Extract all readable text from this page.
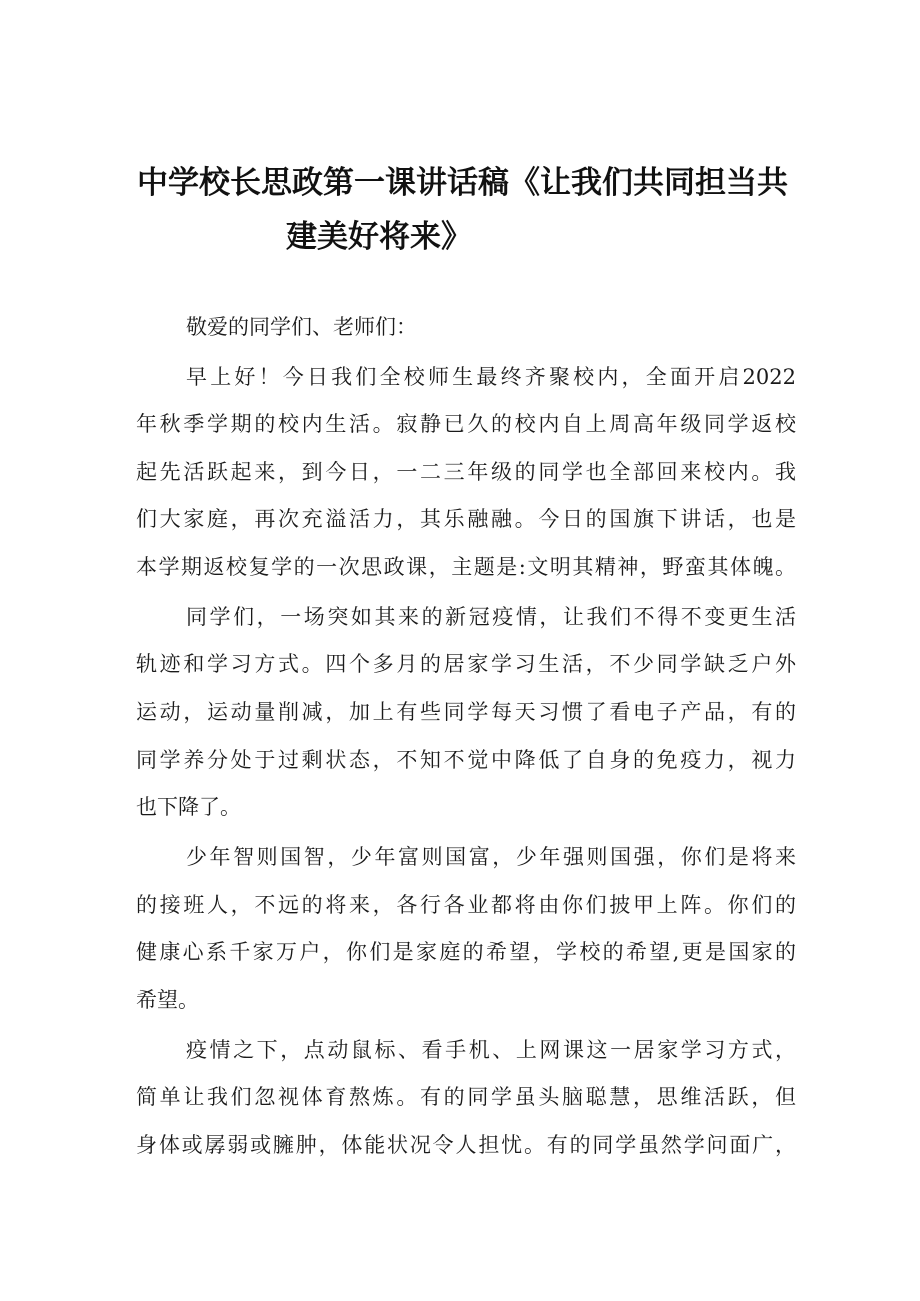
中学校长思政第一课讲话稿《让我们共同担当共
建美好将来》
敬爱的同学们、老师们：
早上好！今日我们全校师生最终齐聚校内，全面开启2022
年秋季学期的校内生活。寂静已久的校内自上周高年级同学返校
起先活跃起来，到今日，一二三年级的同学也全部回来校内。我
们大家庭，再次充溢活力，其乐融融。今日的国旗下讲话，也是
本学期返校复学的一次思政课，主题是:文明其精神，野蛮其体魄。
同学们，一场突如其来的新冠疫情，让我们不得不变更生活
轨迹和学习方式。四个多月的居家学习生活，不少同学缺乏户外
运动，运动量削减，加上有些同学每天习惯了看电子产品，有的
同学养分处于过剩状态，不知不觉中降低了自身的免疫力，视力
也下降了。
少年智则国智，少年富则国富，少年强则国强，你们是将来
的接班人，不远的将来，各行各业都将由你们披甲上阵。你们的
健康心系千家万户，你们是家庭的希望，学校的希望,更是国家的
希望。
疫情之下，点动鼠标、看手机、上网课这一居家学习方式，
简单让我们忽视体育熬炼。有的同学虽头脑聪慧，思维活跃，但
身体或孱弱或臃肿，体能状况令人担忧。有的同学虽然学问面广，
